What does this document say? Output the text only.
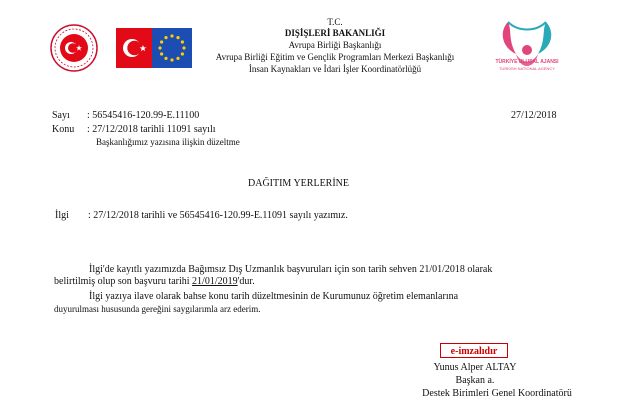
T.C.
DIŞİŞLERİ BAKANLIĞI
Avrupa Birliği Başkanlığı
Avrupa Birliği Eğitim ve Gençlik Programları Merkezi Başkanlığı
İnsan Kaynakları ve İdari İşler Koordinatörlüğü
TÜRKİYE ULUSAL AJANSI
TURKISH NATIONAL AGENCY
Sayı : 56545416-120.99-E.11100	27/12/2018
Konu : 27/12/2018 tarihli 11091 sayılı
Başkanlığımız yazısına ilişkin düzeltme
DAĞITIM YERLERİNE
İlgi : 27/12/2018 tarihli ve 56545416-120.99-E.11091 sayılı yazımız.
İlgi'de kayıtlı yazımızda Bağımsız Dış Uzmanlık başvuruları için son tarih sehven 21/01/2018 olarak
belirtilmiş olup son başvuru tarihi 21/01/2019'dur.
İlgi yazıya ilave olarak bahse konu tarih düzeltmesinin de Kurumunuz öğretim elemanlarına
duyurulması hususunda gereğini saygılarımla arz ederim.
e-imzalıdır
Yunus Alper ALTAY
Başkan a.
Destek Birimleri Genel Koordinatörü
